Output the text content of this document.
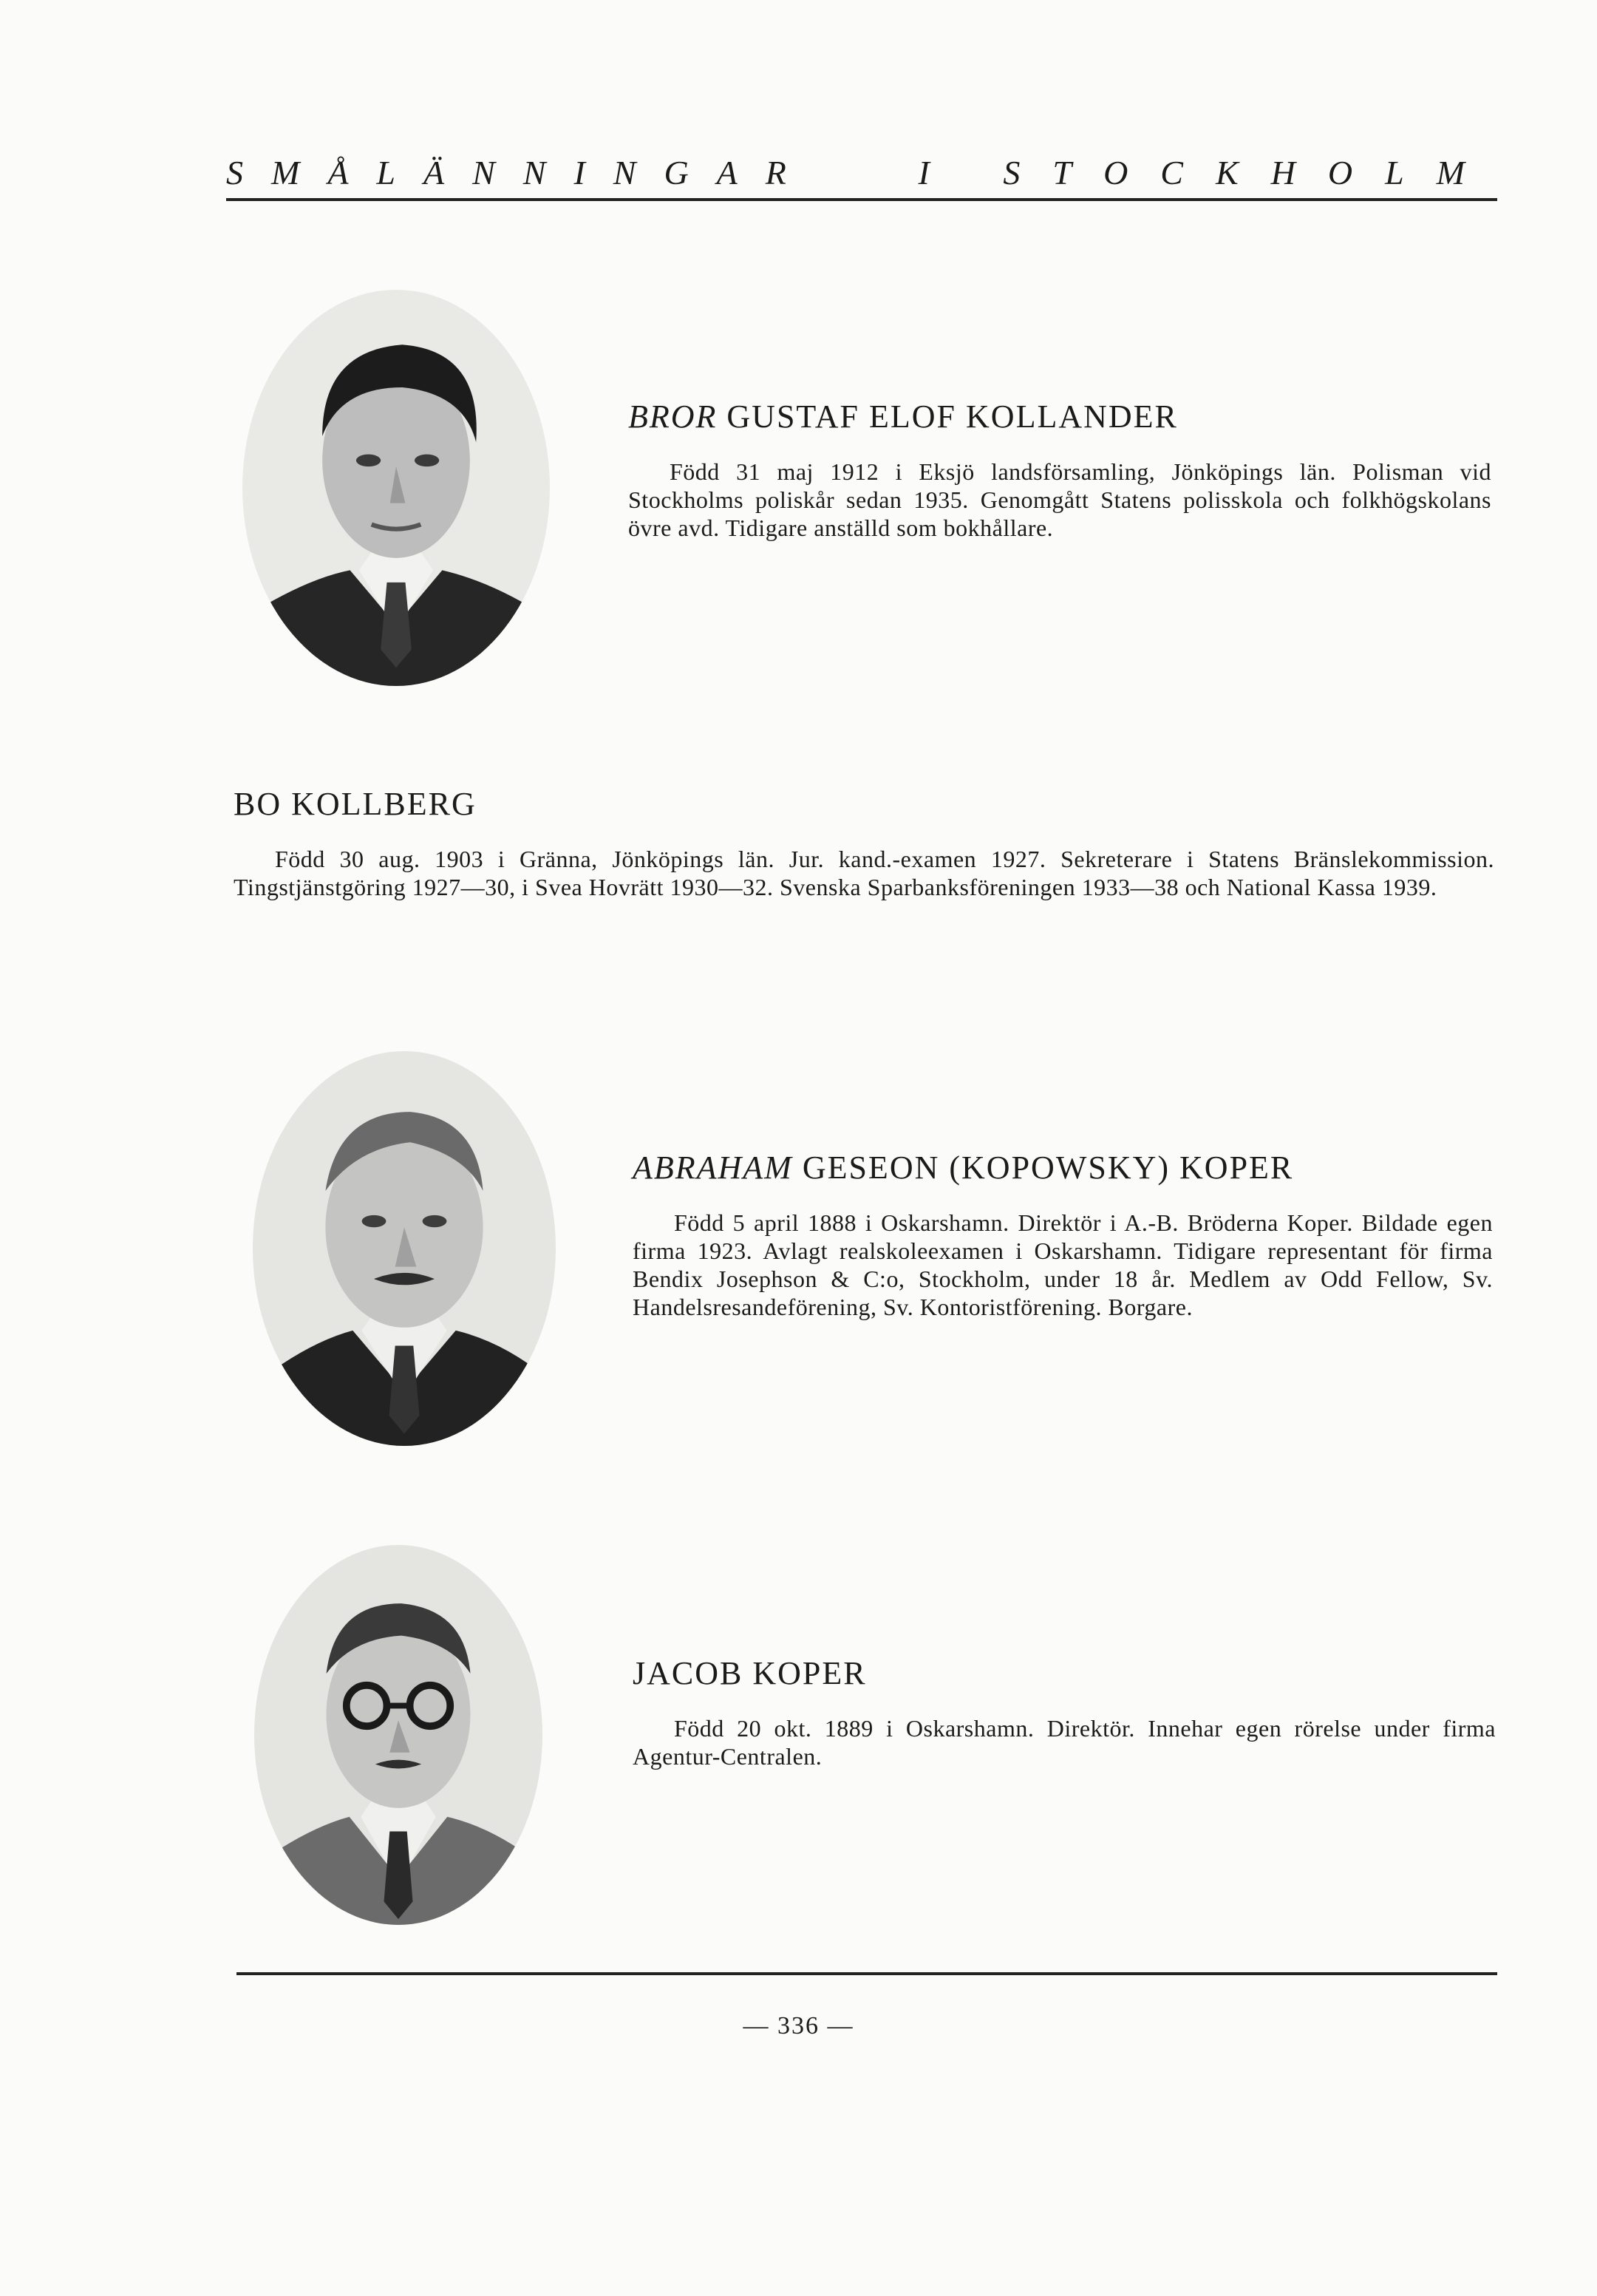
SMÅLÄNNINGAR	I STOCKHOLM
BROR GUSTAF ELOF KOLLANDER

Född 31 maj 1912 i Eksjö landsförsamling, Jönköpings län. Polisman vid Stockholms poliskår sedan 1935. Genomgått Statens polisskola och folkhögskolans övre avd. Tidigare anställd som bokhållare.

BO KOLLBERG

Född 30 aug. 1903 i Gränna, Jönköpings län. Jur. kand.-examen 1927. Sekreterare i Statens Bränslekommission. Tingstjänstgöring 1927—30, i Svea Hovrätt 1930—32. Svenska Sparbanksföreningen 1933—38 och National Kassa 1939.

ABRAHAM GESEON (KOPOWSKY) KOPER

Född 5 april 1888 i Oskarshamn. Direktör i A.-B. Bröderna Koper. Bildade egen firma 1923. Avlagt realskoleexamen i Oskarshamn. Tidigare representant för firma Bendix Josephson & C:o, Stockholm, under 18 år. Medlem av Odd Fellow, Sv. Handelsresandeförening, Sv. Kontoristförening. Borgare.

JACOB KOPER

Född 20 okt. 1889 i Oskarshamn. Direktör. Innehar egen rörelse under firma Agentur-Centralen.

— 336 —
